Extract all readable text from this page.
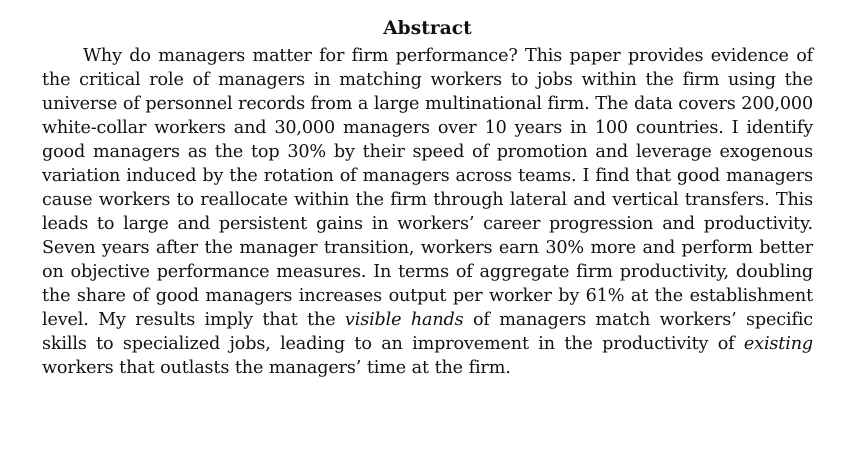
Abstract

Why do managers matter for firm performance? This paper provides evidence of the critical role of managers in matching workers to jobs within the firm using the universe of personnel records from a large multinational firm. The data covers 200,000 white-collar workers and 30,000 managers over 10 years in 100 countries. I identify good managers as the top 30% by their speed of promotion and leverage exogenous variation induced by the rotation of managers across teams. I find that good managers cause workers to reallocate within the firm through lateral and vertical transfers. This leads to large and persistent gains in workers’ career progression and productivity. Seven years after the manager transition, workers earn 30% more and perform better on objective performance measures. In terms of aggregate firm productivity, doubling the share of good managers increases output per worker by 61% at the establishment level. My results imply that the visible hands of managers match workers’ specific skills to specialized jobs, leading to an improvement in the productivity of existing workers that outlasts the managers’ time at the firm.
